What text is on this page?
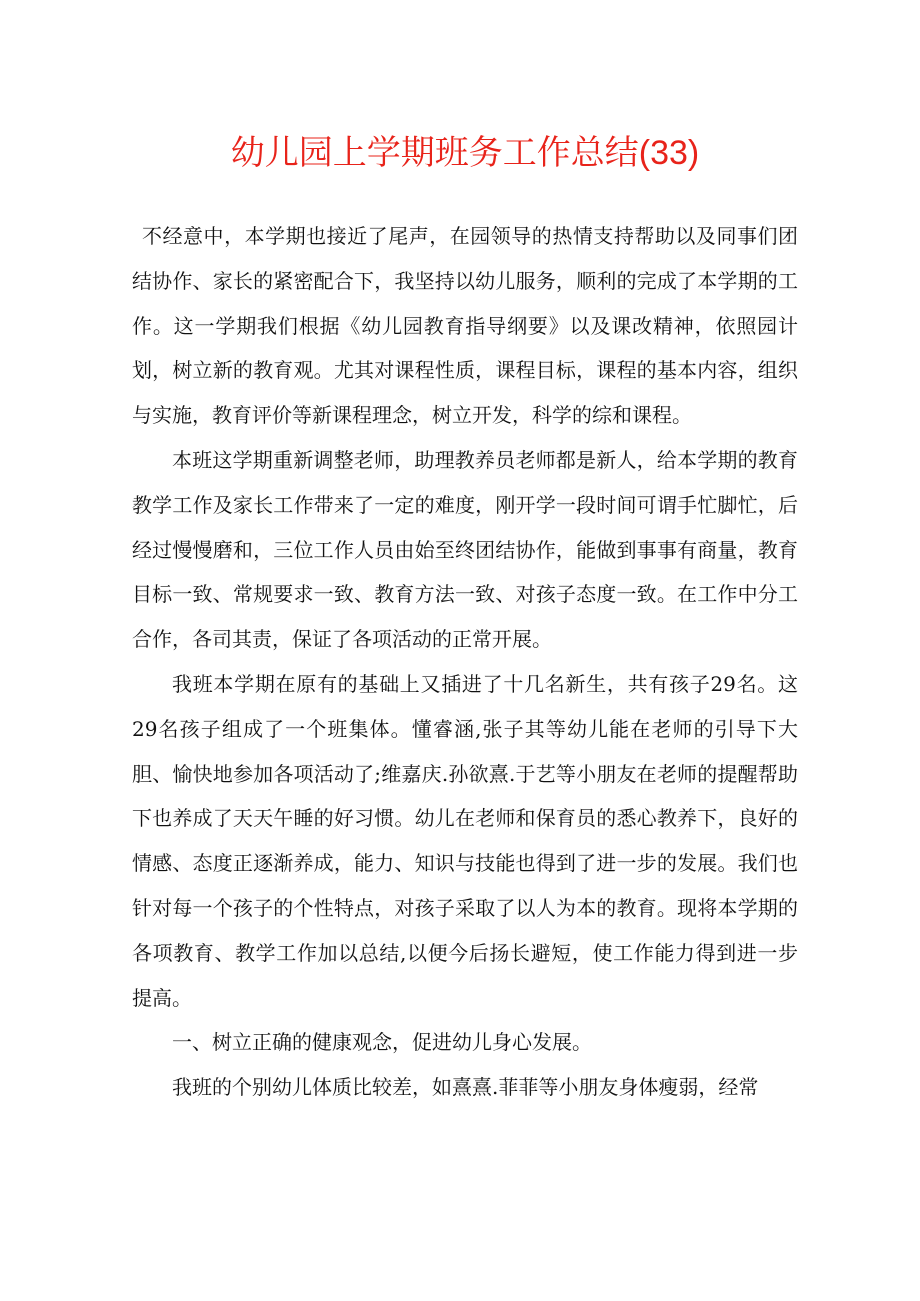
幼儿园上学期班务工作总结(33)

不经意中，本学期也接近了尾声，在园领导的热情支持帮助以及同事们团结协作、家长的紧密配合下，我坚持以幼儿服务，顺利的完成了本学期的工作。这一学期我们根据《幼儿园教育指导纲要》以及课改精神，依照园计划，树立新的教育观。尤其对课程性质，课程目标，课程的基本内容，组织与实施，教育评价等新课程理念，树立开发，科学的综和课程。

本班这学期重新调整老师，助理教养员老师都是新人，给本学期的教育教学工作及家长工作带来了一定的难度，刚开学一段时间可谓手忙脚忙，后经过慢慢磨和，三位工作人员由始至终团结协作，能做到事事有商量，教育目标一致、常规要求一致、教育方法一致、对孩子态度一致。在工作中分工合作，各司其责，保证了各项活动的正常开展。

我班本学期在原有的基础上又插进了十几名新生，共有孩子29名。这29名孩子组成了一个班集体。懂睿涵,张子其等幼儿能在老师的引导下大胆、愉快地参加各项活动了;维嘉庆.孙欲熹.于艺等小朋友在老师的提醒帮助下也养成了天天午睡的好习惯。幼儿在老师和保育员的悉心教养下，良好的情感、态度正逐渐养成，能力、知识与技能也得到了进一步的发展。我们也针对每一个孩子的个性特点，对孩子采取了以人为本的教育。现将本学期的各项教育、教学工作加以总结,以便今后扬长避短，使工作能力得到进一步提高。

一、树立正确的健康观念，促进幼儿身心发展。

我班的个别幼儿体质比较差，如熹熹.菲菲等小朋友身体瘦弱，经常
